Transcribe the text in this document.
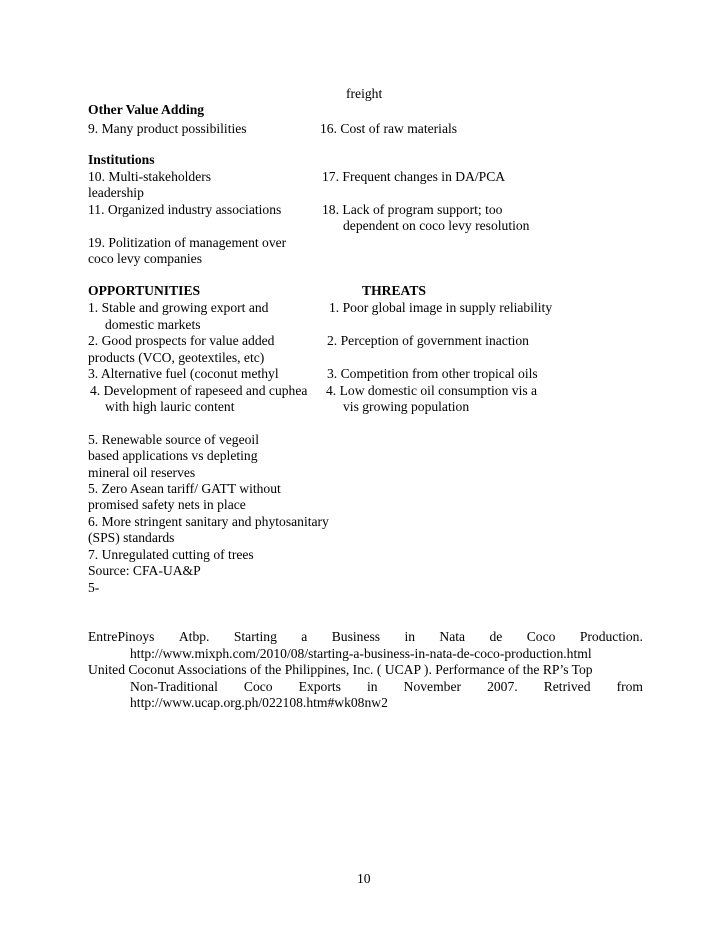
freight
Other Value Adding
9. Many product possibilities	16. Cost of raw materials
Institutions
10. Multi-stakeholders	17. Frequent changes in DA/PCA
leadership
11. Organized industry associations	18. Lack of program support; too
dependent on coco levy resolution
19. Politization of management over
coco levy companies
OPPORTUNITIES	THREATS
1. Stable and growing export and	1. Poor global image in supply reliability
domestic markets
2. Good prospects for value added	2. Perception of government inaction
products (VCO, geotextiles, etc)
3. Alternative fuel (coconut methyl	3. Competition from other tropical oils
4. Development of rapeseed and cuphea 4. Low domestic oil consumption vis a
with high lauric content	vis growing population
5. Renewable source of vegeoil
based applications vs depleting
mineral oil reserves
5. Zero Asean tariff/ GATT without
promised safety nets in place
6. More stringent sanitary and phytosanitary
(SPS) standards
7. Unregulated cutting of trees
Source: CFA-UA&P
5-
EntrePinoys Atbp. Starting a Business in Nata de Coco Production.
http://www.mixph.com/2010/08/starting-a-business-in-nata-de-coco-production.html
United Coconut Associations of the Philippines, Inc. ( UCAP ). Performance of the RP’s Top
Non-Traditional Coco Exports in November 2007. Retrived from
http://www.ucap.org.ph/022108.htm#wk08nw2
10
